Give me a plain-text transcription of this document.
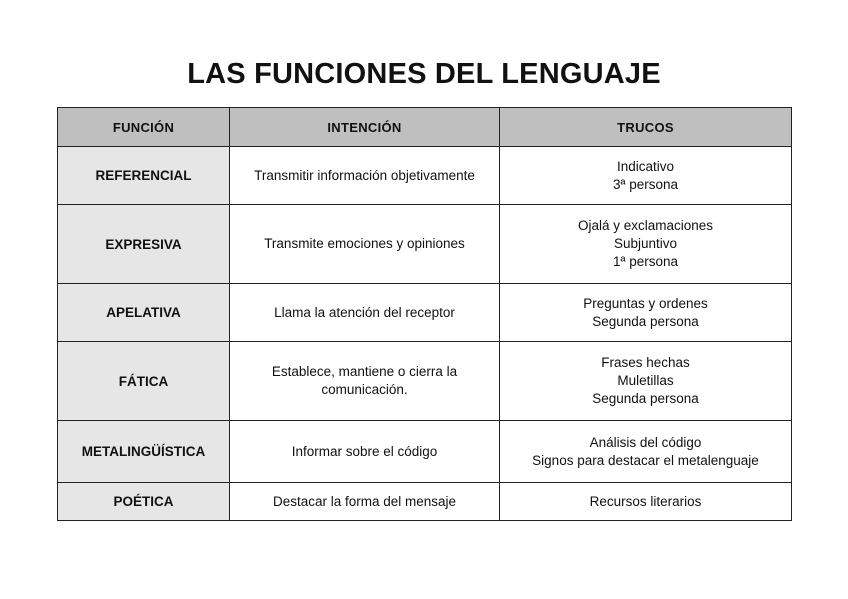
LAS FUNCIONES DEL LENGUAJE
FUNCIÓN	INTENCIÓN	TRUCOS
REFERENCIAL	Transmitir información objetivamente	Indicativo
3ª persona

EXPRESIVA	Transmite emociones y opiniones	Ojalá y exclamaciones
Subjuntivo
1ª persona

APELATIVA	Llama la atención del receptor	Preguntas y ordenes
Segunda persona

FÁTICA	Establece, mantiene o cierra la comunicación.	Frases hechas
Muletillas
Segunda persona

METALINGÜÍSTICA	Informar sobre el código	Análisis del código
Signos para destacar el metalenguaje

POÉTICA	Destacar la forma del mensaje	Recursos literarios
